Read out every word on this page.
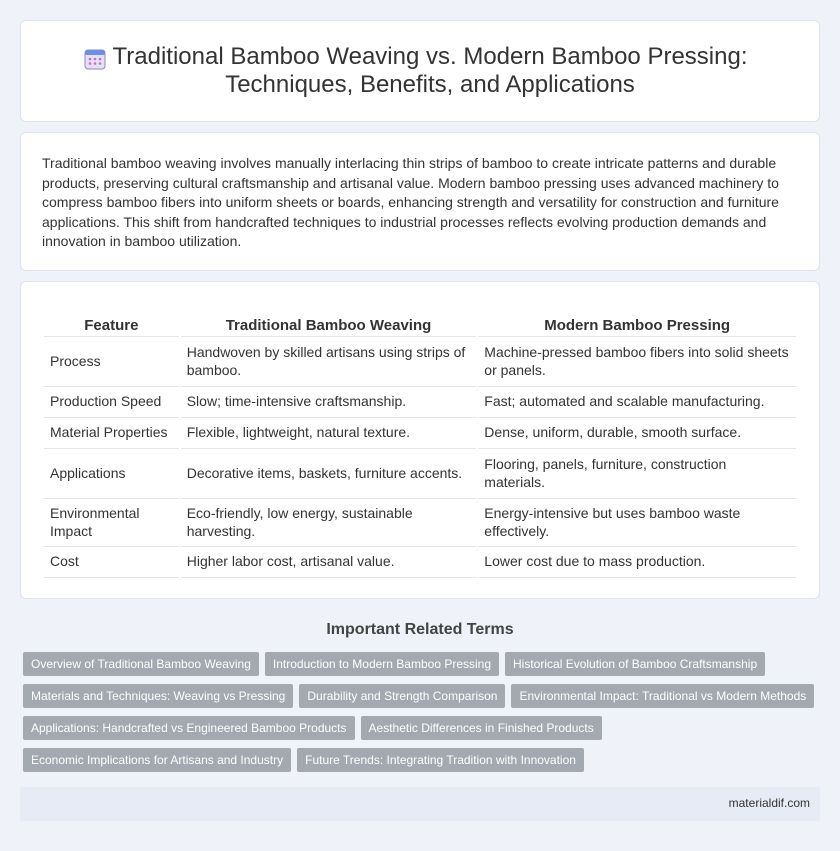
Traditional Bamboo Weaving vs. Modern Bamboo Pressing: Techniques, Benefits, and Applications

Traditional bamboo weaving involves manually interlacing thin strips of bamboo to create intricate patterns and durable products, preserving cultural craftsmanship and artisanal value. Modern bamboo pressing uses advanced machinery to compress bamboo fibers into uniform sheets or boards, enhancing strength and versatility for construction and furniture applications. This shift from handcrafted techniques to industrial processes reflects evolving production demands and innovation in bamboo utilization.

Feature	Traditional Bamboo Weaving	Modern Bamboo Pressing
Process	Handwoven by skilled artisans using strips of bamboo.	Machine-pressed bamboo fibers into solid sheets or panels.
Production Speed	Slow; time-intensive craftsmanship.	Fast; automated and scalable manufacturing.
Material Properties	Flexible, lightweight, natural texture.	Dense, uniform, durable, smooth surface.
Applications	Decorative items, baskets, furniture accents.	Flooring, panels, furniture, construction materials.
Environmental Impact	Eco-friendly, low energy, sustainable harvesting.	Energy-intensive but uses bamboo waste effectively.
Cost	Higher labor cost, artisanal value.	Lower cost due to mass production.
Important Related Terms
Overview of Traditional Bamboo Weaving	Introduction to Modern Bamboo Pressing	Historical Evolution of Bamboo Craftsmanship
Materials and Techniques: Weaving vs Pressing	Durability and Strength Comparison	Environmental Impact: Traditional vs Modern Methods
Applications: Handcrafted vs Engineered Bamboo Products	Aesthetic Differences in Finished Products
Economic Implications for Artisans and Industry	Future Trends: Integrating Tradition with Innovation
materialdif.com
